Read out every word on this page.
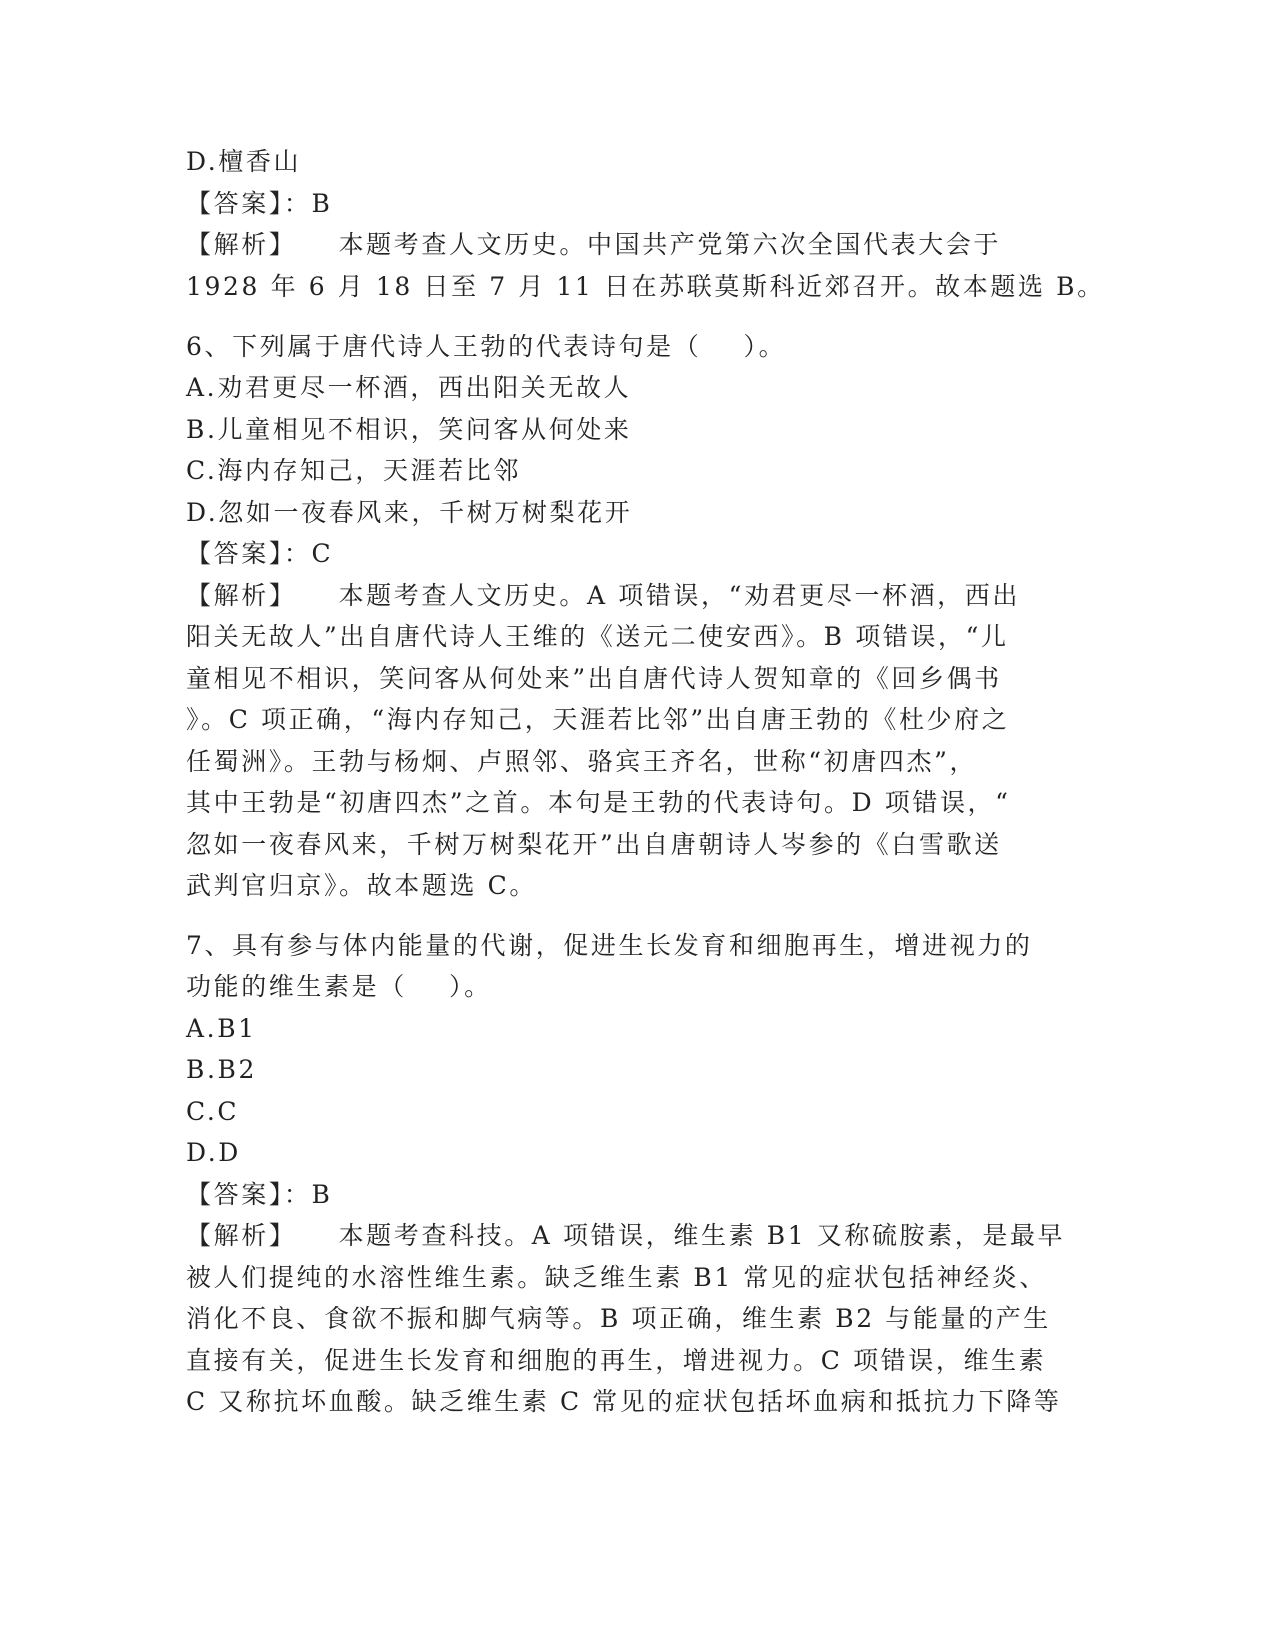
D.檀香山
【答案】：B
【解析】    本题考查人文历史。中国共产党第六次全国代表大会于
1928 年 6 月 18 日至 7 月 11 日在苏联莫斯科近郊召开。故本题选 B。
6、下列属于唐代诗人王勃的代表诗句是（    ）。
A.劝君更尽一杯酒，西出阳关无故人
B.儿童相见不相识，笑问客从何处来
C.海内存知己，天涯若比邻
D.忽如一夜春风来，千树万树梨花开
【答案】：C
【解析】    本题考查人文历史。A 项错误，“劝君更尽一杯酒，西出
阳关无故人”出自唐代诗人王维的《送元二使安西》。B 项错误，“儿
童相见不相识，笑问客从何处来”出自唐代诗人贺知章的《回乡偶书
》。C 项正确，“海内存知己，天涯若比邻”出自唐王勃的《杜少府之
任蜀洲》。王勃与杨炯、卢照邻、骆宾王齐名，世称“初唐四杰”，
其中王勃是“初唐四杰”之首。本句是王勃的代表诗句。D 项错误，“
忽如一夜春风来，千树万树梨花开”出自唐朝诗人岑参的《白雪歌送
武判官归京》。故本题选 C。
7、具有参与体内能量的代谢，促进生长发育和细胞再生，增进视力的
功能的维生素是（    ）。
A.B1
B.B2
C.C
D.D
【答案】：B
【解析】    本题考查科技。A 项错误，维生素 B1 又称硫胺素，是最早
被人们提纯的水溶性维生素。缺乏维生素 B1 常见的症状包括神经炎、
消化不良、食欲不振和脚气病等。B 项正确，维生素 B2 与能量的产生
直接有关，促进生长发育和细胞的再生，增进视力。C 项错误，维生素
C 又称抗坏血酸。缺乏维生素 C 常见的症状包括坏血病和抵抗力下降等
